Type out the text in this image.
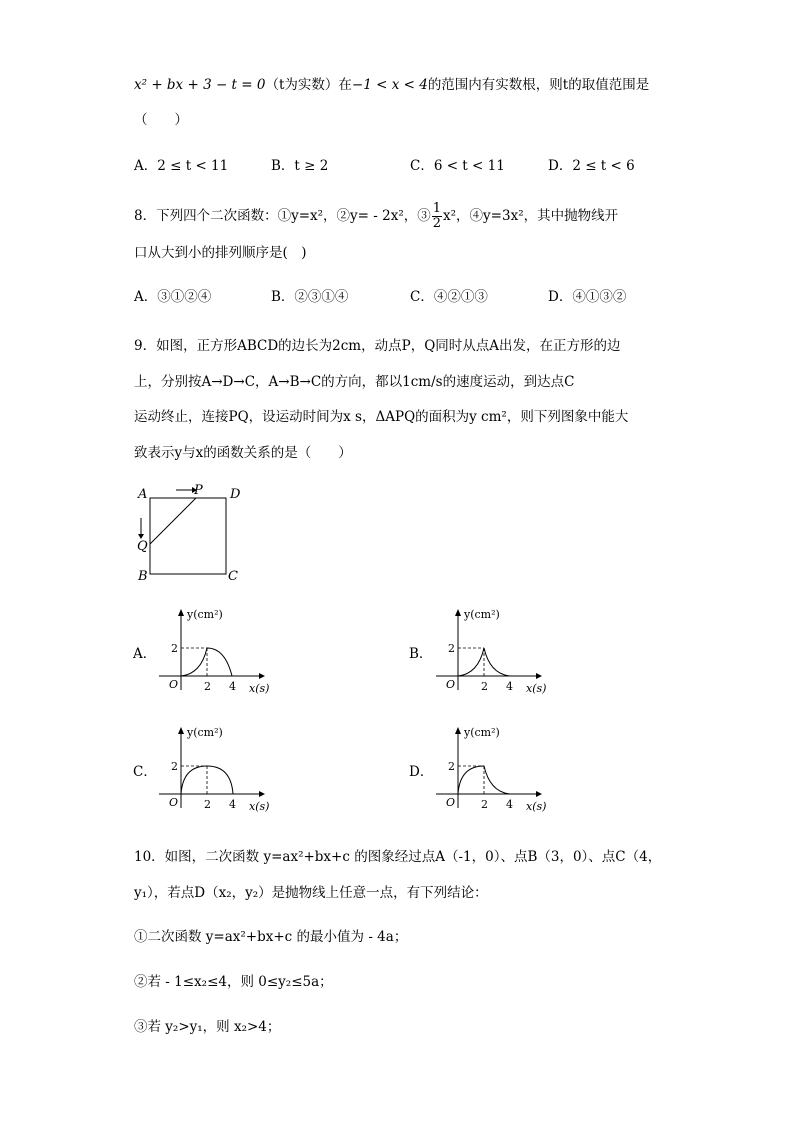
x² + bx + 3 − t = 0（t为实数）在−1 < x < 4的范围内有实数根，则t的取值范围是
（　　）
A．2 ≤ t < 11	B．t ≥ 2	C．6 < t < 11	D．2 ≤ t < 6
8．下列四个二次函数：①y=x²，②y= - 2x²，③ $\frac{1}{2} x^2$，④y=3x²，其中抛物线开
口从大到小的排列顺序是(　)
A．③①②④	B．②③①④	C．④②①③	D．④①③②
9．如图，正方形ABCD的边长为2cm，动点P，Q同时从点A出发，在正方形的边
上，分别按A→D→C，A→B→C的方向，都以1cm/s的速度运动，到达点C
运动终止，连接PQ，设运动时间为x s，ΔAPQ的面积为y cm²，则下列图象中能大
致表示y与x的函数关系的是（　　）
A	P D
Q
B	C
A．	B．
C．	D．
y(cm²)
2
O 2 4 x(s)
y(cm²)
2
O 2 4 x(s)
y(cm²)
2
O 2 4 x(s)
y(cm²)
2
O 2 4 x(s)
10．如图，二次函数 y=ax²+bx+c 的图象经过点A（-1，0）、点B（3，0）、点C（4，
y₁），若点D（x₂，y₂）是抛物线上任意一点，有下列结论：
①二次函数 y=ax²+bx+c 的最小值为 - 4a；
②若 - 1≤x₂≤4，则 0≤y₂≤5a；
③若 y₂>y₁，则 x₂>4；
